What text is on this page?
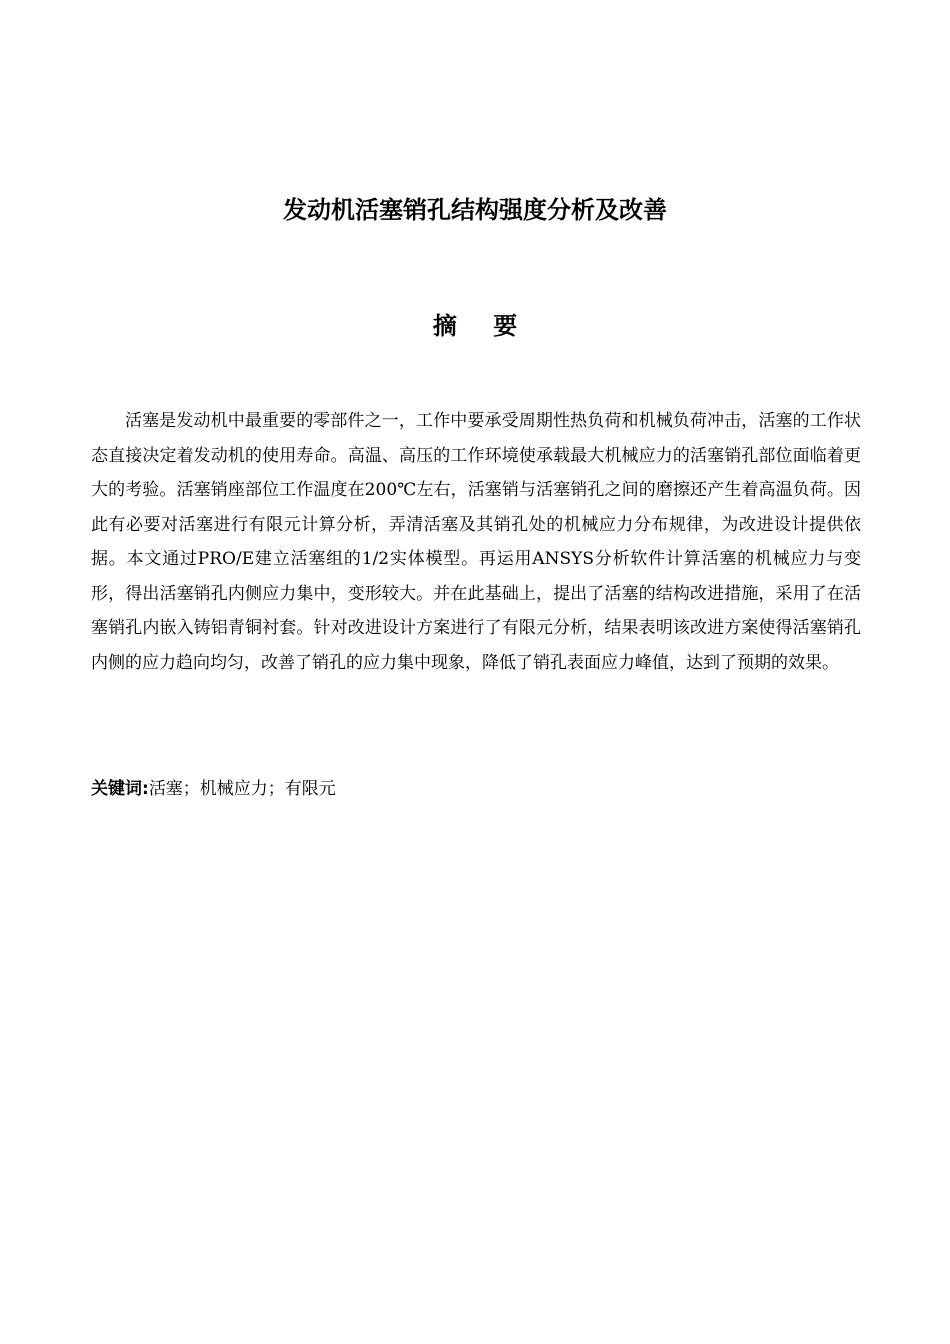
发动机活塞销孔结构强度分析及改善
摘 要

活塞是发动机中最重要的零部件之一，工作中要承受周期性热负荷和机械负荷冲击，活塞的工作状态直接决定着发动机的使用寿命。高温、高压的工作环境使承载最大机械应力的活塞销孔部位面临着更大的考验。活塞销座部位工作温度在200℃左右，活塞销与活塞销孔之间的磨擦还产生着高温负荷。因此有必要对活塞进行有限元计算分析，弄清活塞及其销孔处的机械应力分布规律，为改进设计提供依据。本文通过PRO/E建立活塞组的1/2实体模型。再运用ANSYS分析软件计算活塞的机械应力与变形，得出活塞销孔内侧应力集中，变形较大。并在此基础上，提出了活塞的结构改进措施，采用了在活塞销孔内嵌入铸铝青铜衬套。针对改进设计方案进行了有限元分析，结果表明该改进方案使得活塞销孔内侧的应力趋向均匀，改善了销孔的应力集中现象，降低了销孔表面应力峰值，达到了预期的效果。

关键词:活塞；机械应力；有限元
